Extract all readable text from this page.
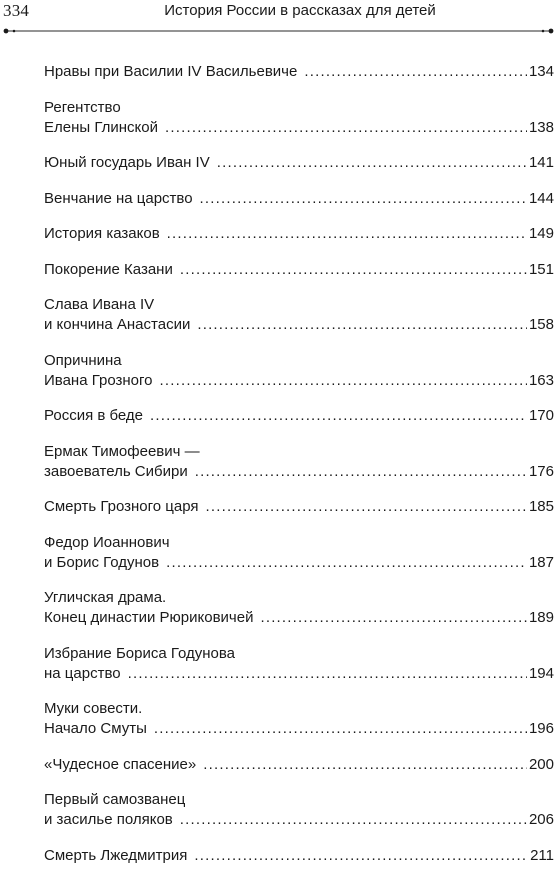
334	История России в рассказах для детей
Нравы при Василии IV Васильевиче .....	134
Регентство
Елены Глинской .....	138
Юный государь Иван IV .....	141
Венчание на царство .....	144
История казаков .....	149
Покорение Казани .....	151
Слава Ивана IV
и кончина Анастасии .....	158
Опричнина
Ивана Грозного .....	163
Россия в беде .....	170
Ермак Тимофеевич —
завоеватель Сибири .....	176
Смерть Грозного царя .....	185
Федор Иоаннович
и Борис Годунов .....	187
Угличская драма.
Конец династии Рюриковичей .....	189
Избрание Бориса Годунова
на царство .....	194
Муки совести.
Начало Смуты .....	196
«Чудесное спасение» .....	200
Первый самозванец
и засилье поляков .....	206
Смерть Лжедмитрия .....	211
